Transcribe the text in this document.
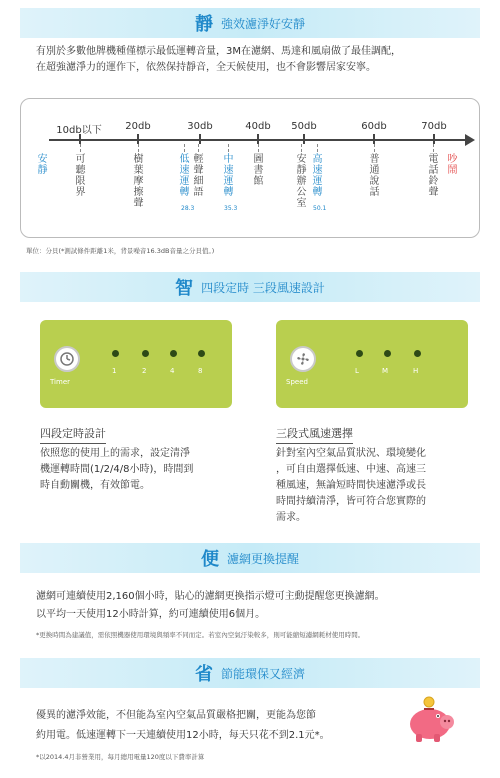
靜 強效濾淨好安靜
有別於多數他牌機種僅標示最低運轉音量，3M在濾網、馬達和風扇做了最佳調配，
在超強濾淨力的運作下，依然保持靜音，全天候使用，也不會影響居家安寧。
10db以下 20db	30db	40db 50db	60db	70db
安靜
可聽限界
樹葉摩擦聲
低速運轉
輕聲細語
中速運轉
圖書館
安靜辦公室
高速運轉
普通說話
電話鈴聲
吵鬧
28.3	35.3	50.1
單位：分貝(*測試條件距離1米，背景噪音16.3dB音量之分貝值。)
智 四段定時 三段風速設計
Timer
1	2	4	8
Speed
L	M	H
四段定時設計
依照您的使用上的需求，設定清淨
機運轉時間(1/2/4/8小時)，時間到
時自動關機，有效節電。
三段式風速選擇
針對室內空氣品質狀況、環境變化
，可自由選擇低速、中速、高速三
種風速，無論短時間快速濾淨或長
時間持續清淨，皆可符合您實際的
需求。
便 濾網更換提醒
濾網可連續使用2,160個小時，貼心的濾網更換指示燈可主動提醒您更換濾網。
以平均一天使用12小時計算，約可連續使用6個月。
*更換時間為建議值，需依照機器使用環境與頻率不同而定。若室內空氣汙染較多，則可能縮短濾網耗材使用時間。
省 節能環保又經濟
優異的濾淨效能，不但能為室內空氣品質嚴格把關，更能為您節
約用電。低速運轉下一天連續使用12小時，每天只花不到2.1元*。
*以2014.4月非營業用，每月總用電量120度以下費率計算
